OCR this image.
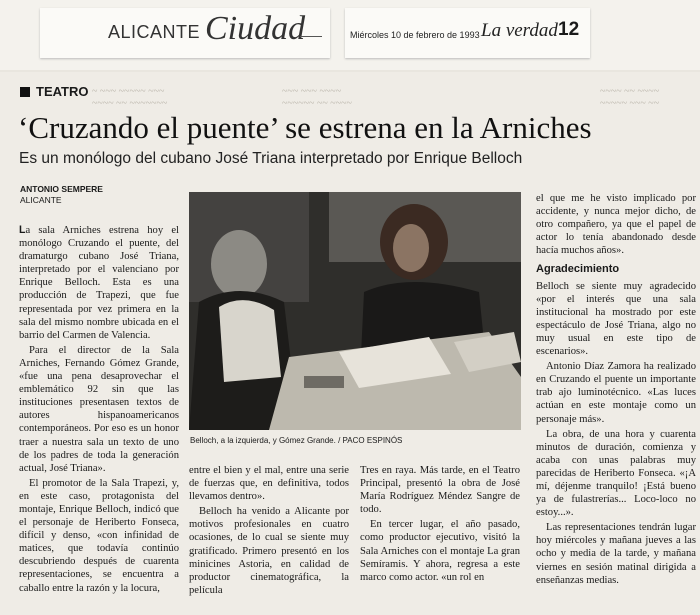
ALICANTE Ciudad	Miércoles 10 de febrero de 1993 La verdad 12
~ ~~~ ~~~~~ ~~~
~~~~ ~~ ~~~~~~~
~~~ ~~~ ~~~~
~~~~~~ ~~ ~~~~
~~~~ ~~ ~~~~
~~~~~ ~~~ ~~
TEATRO
‘Cruzando el puente’ se estrena en la Arniches
Es un monólogo del cubano José Triana interpretado por Enrique Belloch
ANTONIO SEMPERE
ALICANTE

La sala Arniches estrena hoy el monólogo Cruzando el puente, del dramaturgo cubano José Triana, interpretado por el valenciano por Enrique Belloch. Esta es una producción de Trapezi, que fue representada por vez primera en la sala del mismo nombre ubicada en el barrio del Carmen de Valencia.

Para el director de la Sala Arniches, Fernando Gómez Grande, «fue una pena desaprovechar el emblemático 92 sin que las instituciones presentasen textos de autores hispanoamericanos contemporáneos. Por eso es un honor traer a nuestra sala un texto de uno de los padres de toda la generación actual, José Triana».

El promotor de la Sala Trapezi, y, en este caso, protagonista del montaje, Enrique Belloch, indicó que el personaje de Heriberto Fonseca, difícil y denso, «con infinidad de matices, que todavía continúo descubriendo después de cuarenta representaciones, se encuentra a caballo entre la razón y la locura,

Belloch, a la izquierda, y Gómez Grande. / PACO ESPINÓS

entre el bien y el mal, entre una serie de fuerzas que, en definitiva, todos llevamos dentro».

Belloch ha venido a Alicante por motivos profesionales en cuatro ocasiones, de lo cual se siente muy gratificado. Primero presentó en los minicines Astoria, en calidad de productor cinematográfica, la película

Tres en raya. Más tarde, en el Teatro Principal, presentó la obra de José María Rodríguez Méndez Sangre de todo.

En tercer lugar, el año pasado, como productor ejecutivo, visitó la Sala Arniches con el montaje La gran Semíramis. Y ahora, regresa a este marco como actor. «un rol en

el que me he visto implicado por accidente, y nunca mejor dicho, de otro compañero, ya que el papel de actor lo tenía abandonado desde hacía muchos años».

Agradecimiento

Belloch se siente muy agradecido «por el interés que una sala institucional ha mostrado por este espectáculo de José Triana, algo no muy usual en este tipo de escenarios».

Antonio Díaz Zamora ha realizado en Cruzando el puente un importante trab ajo luminotécnico. «Las luces actúan en este montaje como un personaje más».

La obra, de una hora y cuarenta minutos de duración, comienza y acaba con unas palabras muy parecidas de Heriberto Fonseca. «¡A mí, déjenme tranquilo! ¡Está bueno ya de fulastrerías... Loco-loco no estoy...».

Las representaciones tendrán lugar hoy miércoles y mañana jueves a las ocho y media de la tarde, y mañana viernes en sesión matinal dirigida a enseñanzas medias.
